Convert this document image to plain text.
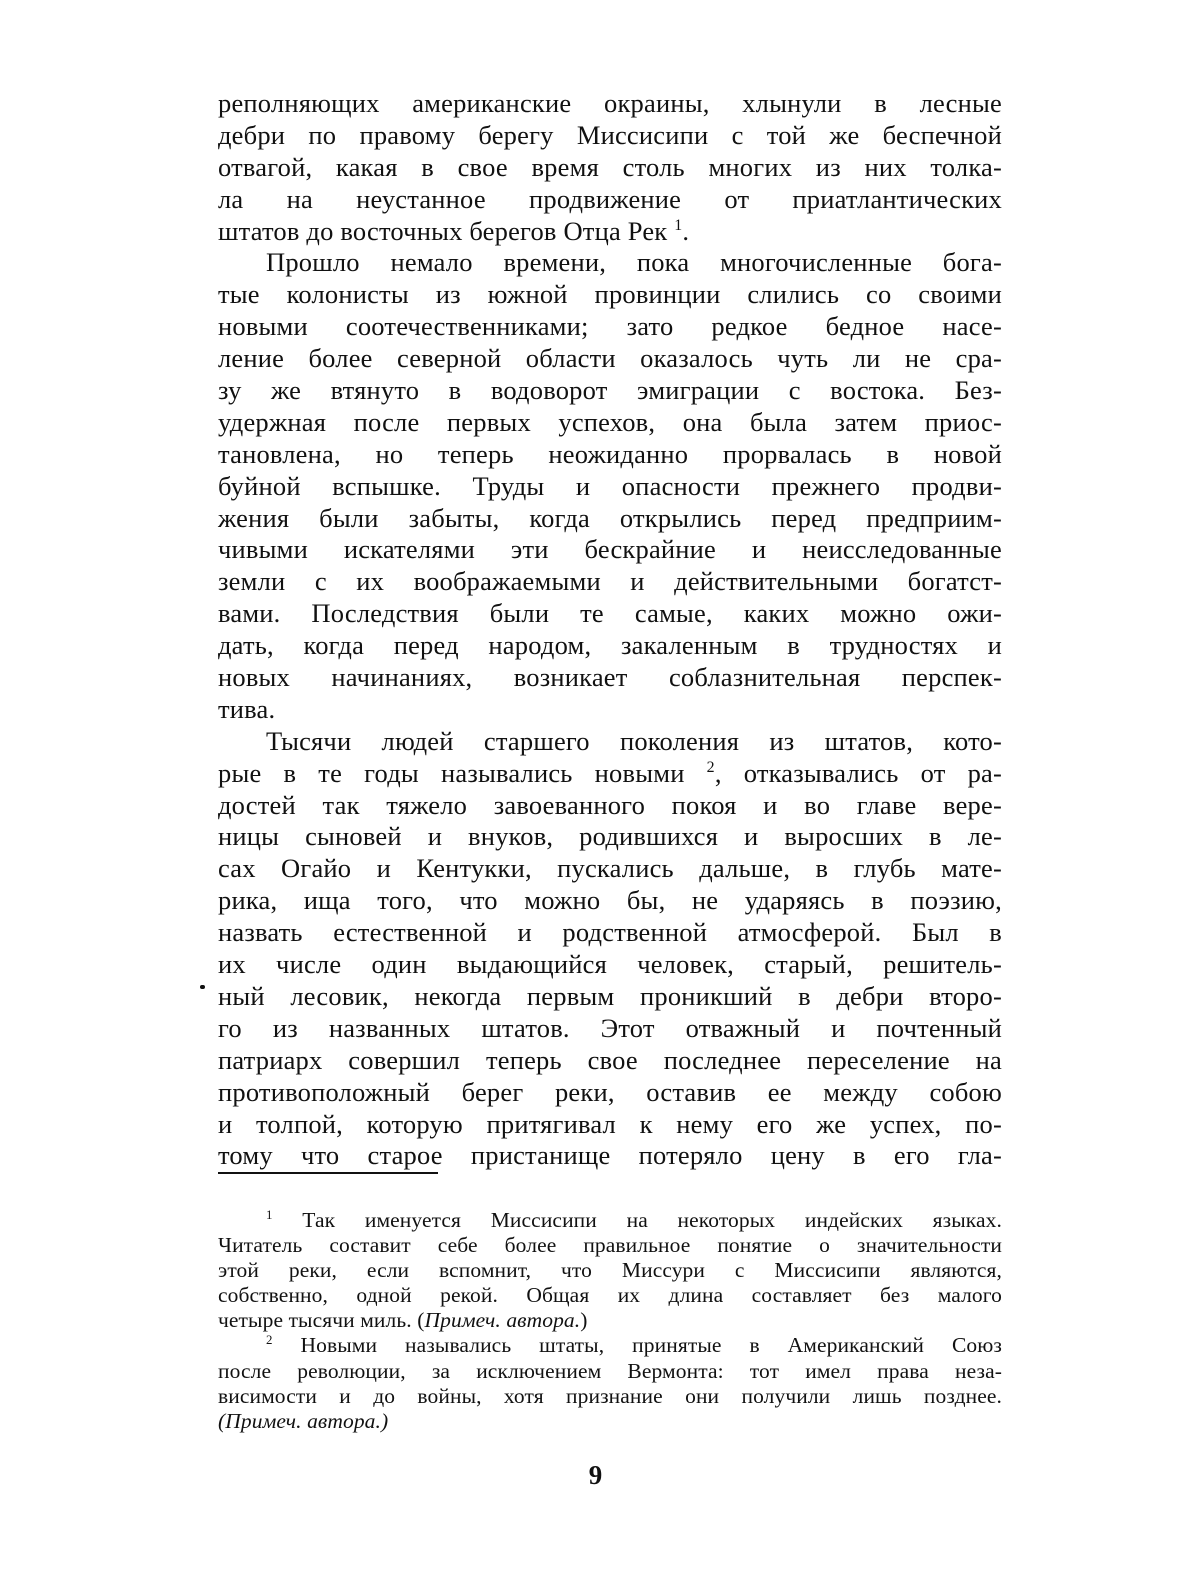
реполняющих американские окраины, хлынули в лесные
дебри по правому берегу Миссисипи с той же беспечной
отвагой, какая в свое время столь многих из них толка-
ла на неустанное продвижение от приатлантических
штатов до восточных берегов Отца Рек $^1$.
Прошло немало времени, пока многочисленные бога-
тые колонисты из южной провинции слились со своими
новыми соотечественниками; зато редкое бедное насе-
ление более северной области оказалось чуть ли не сра-
зу же втянуто в водоворот эмиграции с востока. Без-
удержная после первых успехов, она была затем приос-
тановлена, но теперь неожиданно прорвалась в новой
буйной вспышке. Труды и опасности прежнего продви-
жения были забыты, когда открылись перед предприим-
чивыми искателями эти бескрайние и неисследованные
земли с их воображаемыми и действительными богатст-
вами. Последствия были те самые, каких можно ожи-
дать, когда перед народом, закаленным в трудностях и
новых начинаниях, возникает соблазнительная перспек-
тива.
Тысячи людей старшего поколения из штатов, кото-
рые в те годы назывались новыми $^2$, отказывались от ра-
достей так тяжело завоеванного покоя и во главе вере-
ницы сыновей и внуков, родившихся и выросших в ле-
сах Огайо и Кентукки, пускались дальше, в глубь мате-
рика, ища того, что можно бы, не ударяясь в поэзию,
назвать естественной и родственной атмосферой. Был в
их числе один выдающийся человек, старый, решитель-
ный лесовик, некогда первым проникший в дебри второ-
го из названных штатов. Этот отважный и почтенный
патриарх совершил теперь свое последнее переселение на
противоположный берег реки, оставив ее между собою
и толпой, которую притягивал к нему его же успех, по-
тому что старое пристанище потеряло цену в его гла-
$^1$ Так именуется Миссисипи на некоторых индейских языках.
Читатель составит себе более правильное понятие о значительности
этой реки, если вспомнит, что Миссури с Миссисипи являются,
собственно, одной рекой. Общая их длина составляет без малого
четыре тысячи миль. (Примеч. автора.)
$^2$ Новыми назывались штаты, принятые в Американский Союз
после революции, за исключением Вермонта: тот имел права неза-
висимости и до войны, хотя признание они получили лишь позднее.
(Примеч. автора.)
9
